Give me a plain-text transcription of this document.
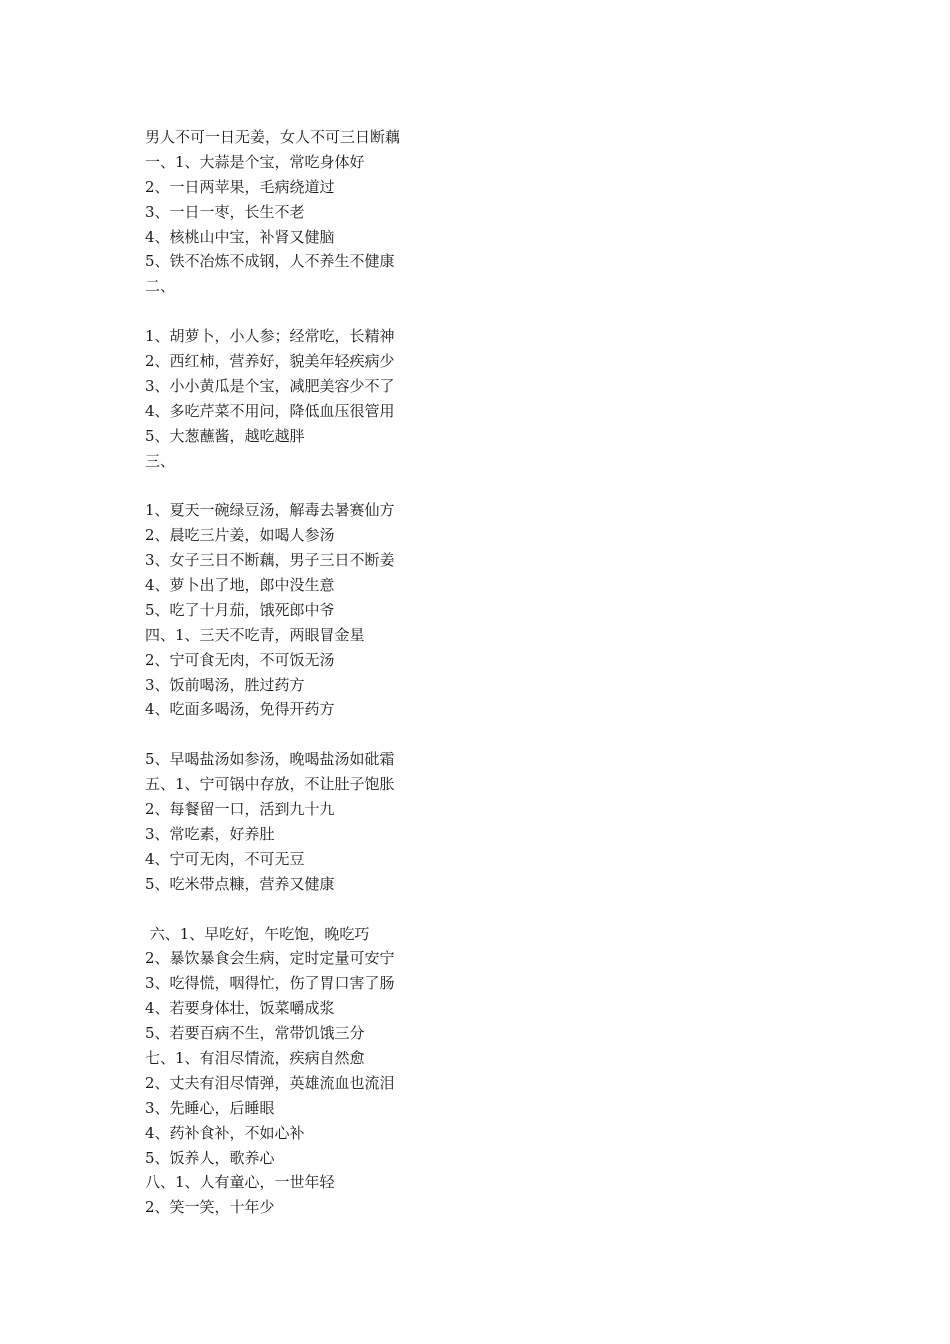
男人不可一日无姜，女人不可三日断藕
一、1、大蒜是个宝，常吃身体好
2、一日两苹果，毛病绕道过
3、一日一枣，长生不老
4、核桃山中宝，补肾又健脑
5、铁不冶炼不成钢，人不养生不健康
二、
1、胡萝卜，小人参；经常吃，长精神
2、西红柿，营养好，貌美年轻疾病少
3、小小黄瓜是个宝，减肥美容少不了
4、多吃芹菜不用问，降低血压很管用
5、大葱蘸酱，越吃越胖
三、
1、夏天一碗绿豆汤，解毒去暑赛仙方
2、晨吃三片姜，如喝人参汤
3、女子三日不断藕，男子三日不断姜
4、萝卜出了地，郎中没生意
5、吃了十月茄，饿死郎中爷
四、1、三天不吃青，两眼冒金星
2、宁可食无肉，不可饭无汤
3、饭前喝汤，胜过药方
4、吃面多喝汤，免得开药方
5、早喝盐汤如参汤，晚喝盐汤如砒霜
五、1、宁可锅中存放，不让肚子饱胀
2、每餐留一口，活到九十九
3、常吃素，好养肚
4、宁可无肉，不可无豆
5、吃米带点糠，营养又健康
六、1、早吃好，午吃饱，晚吃巧
2、暴饮暴食会生病，定时定量可安宁
3、吃得慌，咽得忙，伤了胃口害了肠
4、若要身体壮，饭菜嚼成浆
5、若要百病不生，常带饥饿三分
七、1、有泪尽情流，疾病自然愈
2、丈夫有泪尽情弹，英雄流血也流泪
3、先睡心，后睡眼
4、药补食补，不如心补
5、饭养人，歌养心
八、1、人有童心，一世年轻
2、笑一笑，十年少
